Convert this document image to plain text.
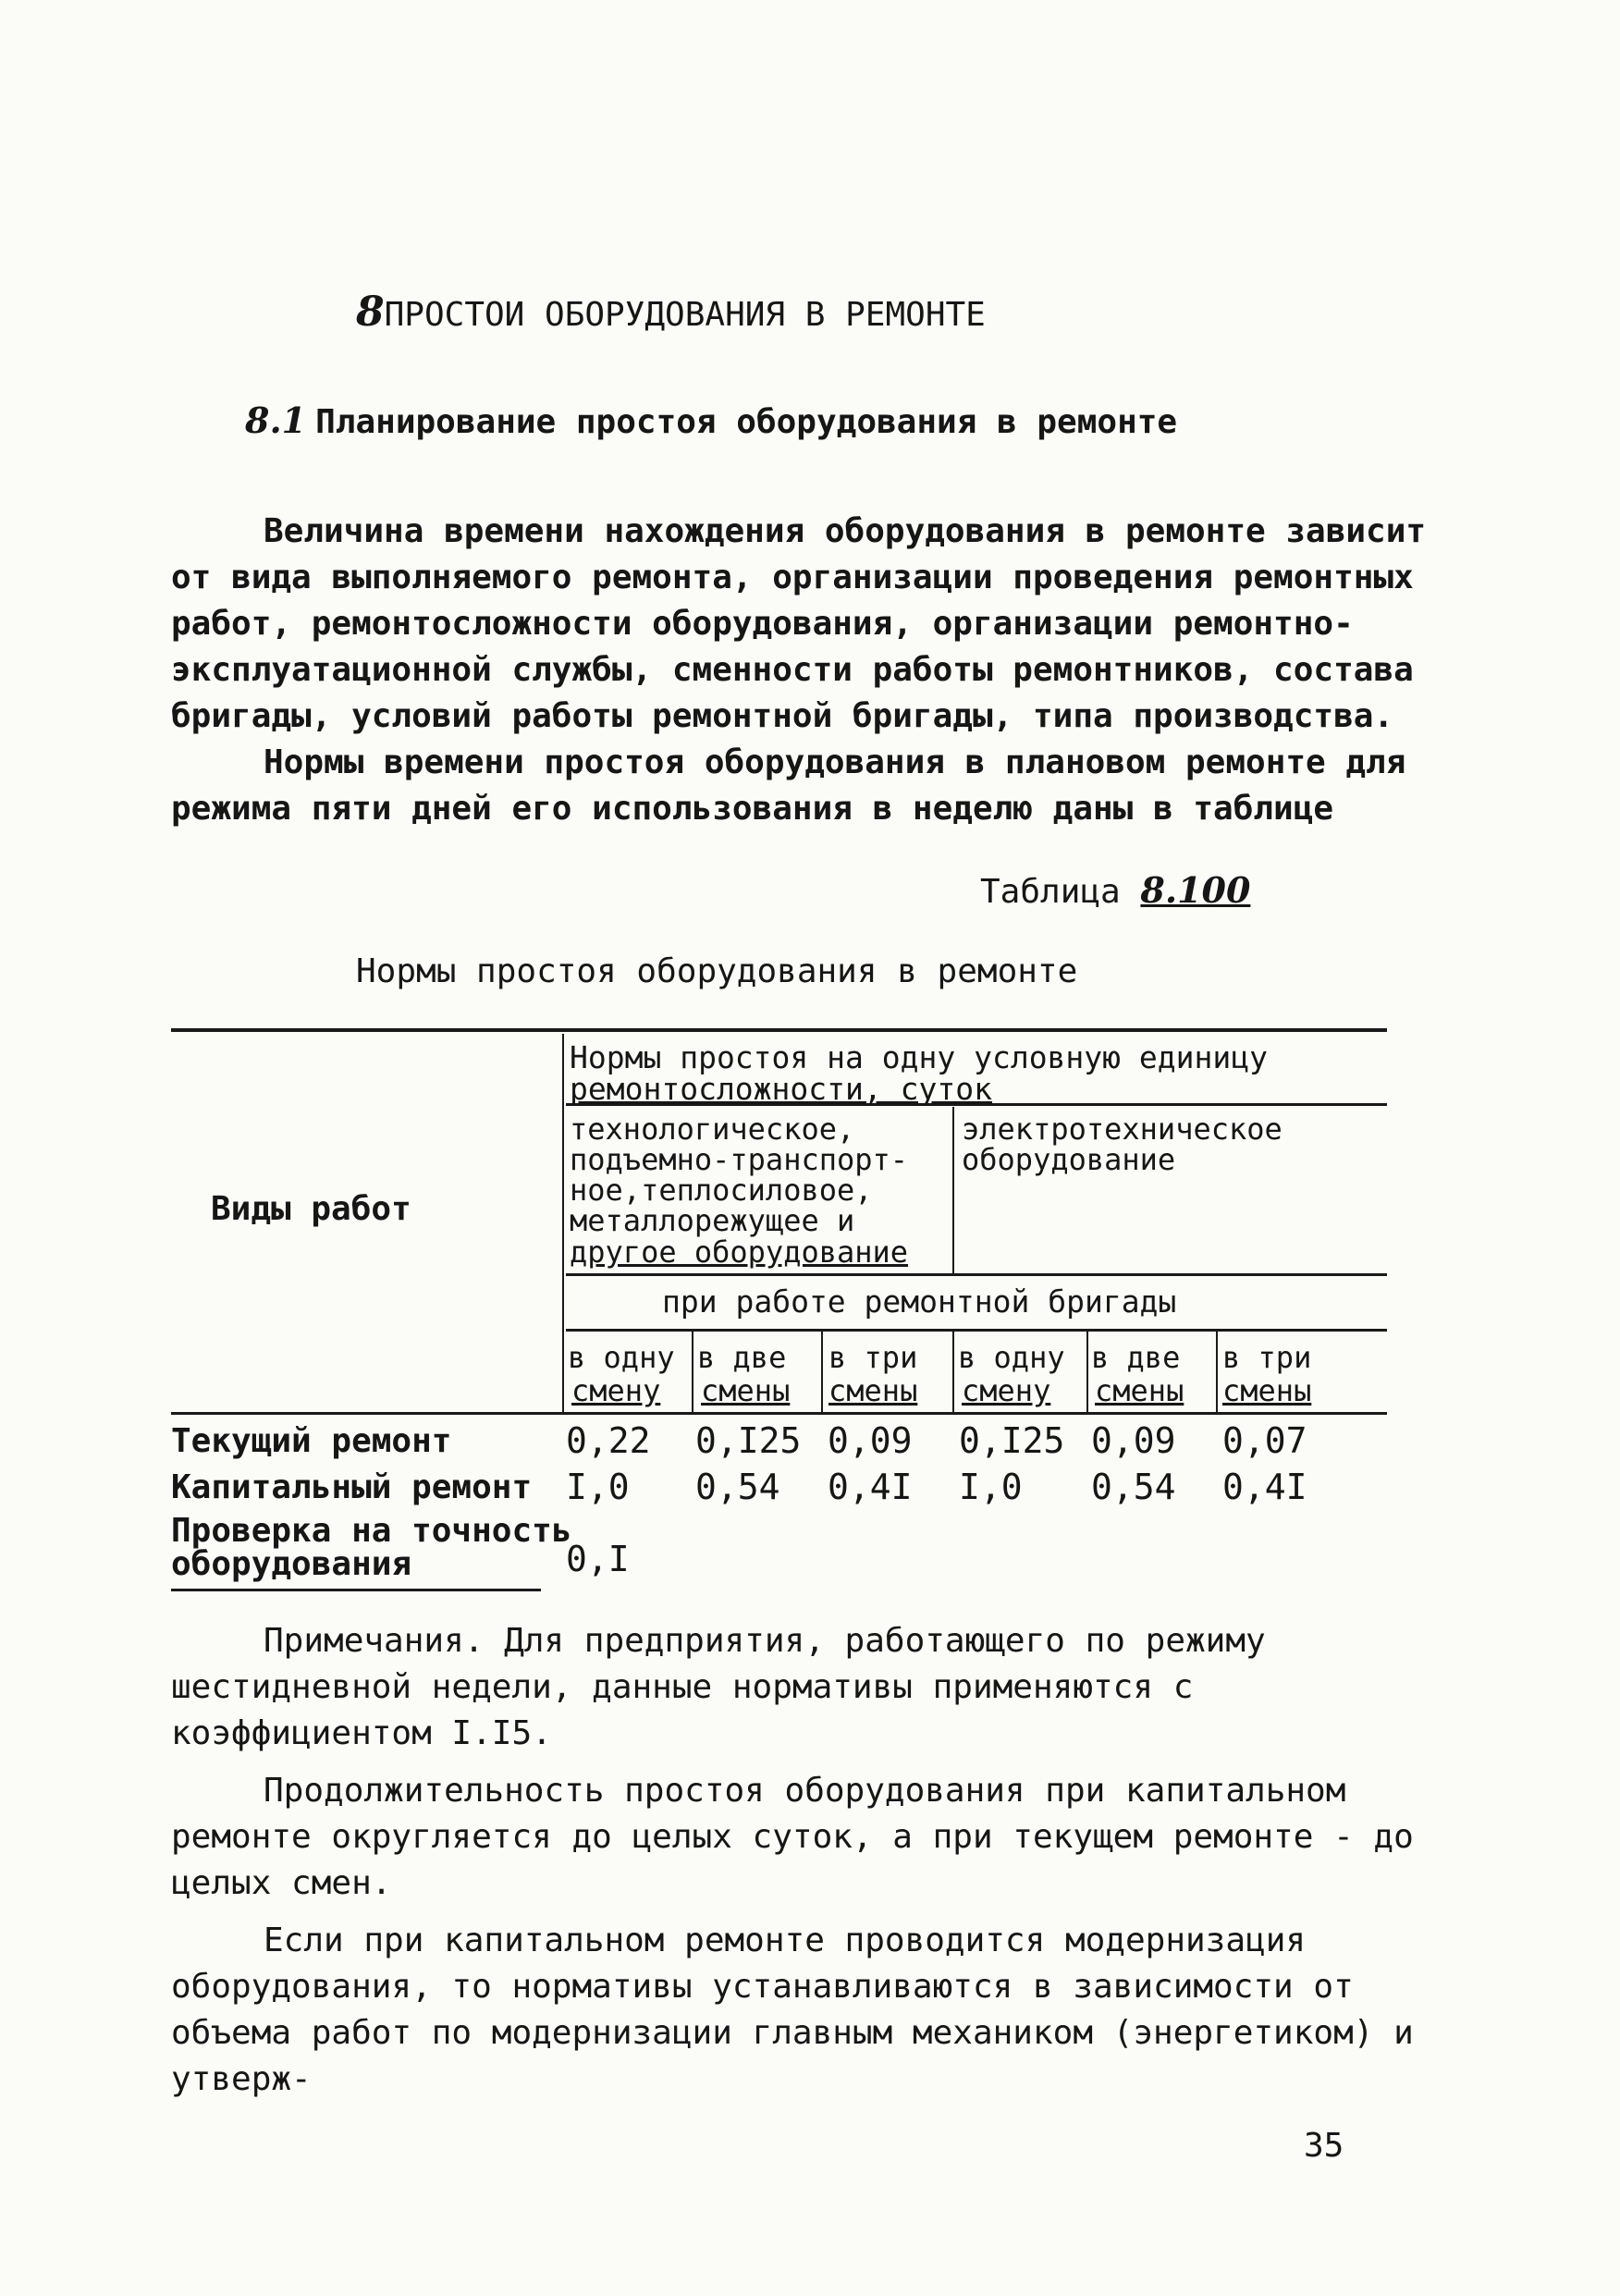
8ПРОСТОИ ОБОРУДОВАНИЯ В РЕМОНТЕ
8.1 Планирование простоя оборудования в ремонте

Величина времени нахождения оборудования в ремонте зависит от вида выполняемого ремонта, организации проведения ремонтных работ, ремонтосложности оборудования, организации ремонтно-эксплуатационной службы, сменности работы ремонтников, состава бригады, условий работы ремонтной бригады, типа производства.

Нормы времени простоя оборудования в плановом ремонте для режима пяти дней его использования в неделю даны в таблице

Таблица 8.100
Нормы простоя оборудования в ремонте
Виды работ
Нормы простоя на одну условную единицу
ремонтосложности, суток
технологическое,
подъемно-транспорт-
ное,теплосиловое,
металлорежущее и
другое оборудование
электротехническое
оборудование
при работе ремонтной бригады
в одну
смену
в две
смены
в три
смены
в одну
смену
в две
смены
в три
смены
Текущий ремонт	0,22 0,I25 0,09 0,I25 0,09 0,07
Капитальный ремонт I,0 0,54 0,4I I,0 0,54 0,4I
Проверка на точность
оборудования	0,I

Примечания. Для предприятия, работающего по режиму шестидневной недели, данные нормативы применяются с коэффициентом I.I5.

Продолжительность простоя оборудования при капитальном ремонте округляется до целых суток, а при текущем ремонте - до целых смен.

Если при капитальном ремонте проводится модернизация оборудования, то нормативы устанавливаются в зависимости от объема работ по модернизации главным механиком (энергетиком) и утверж-

35
